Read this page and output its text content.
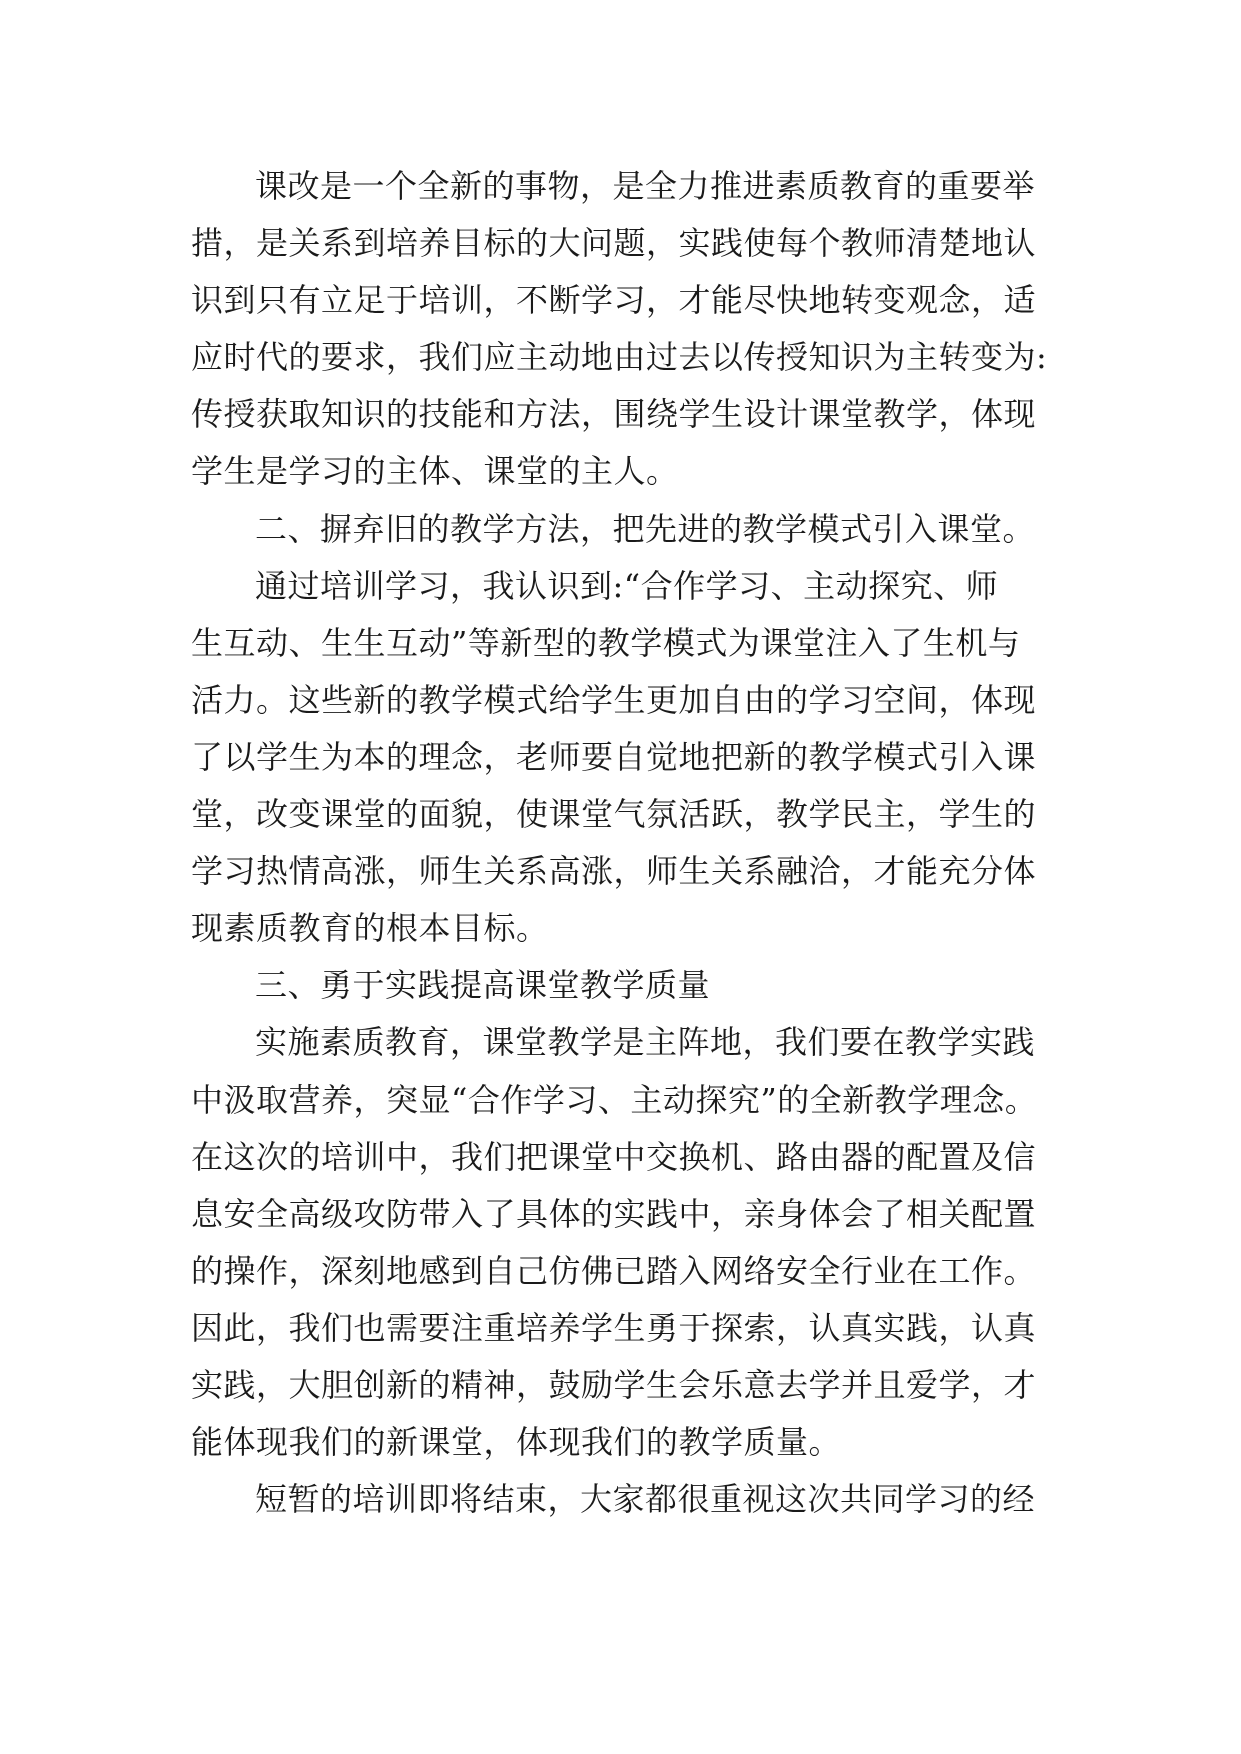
课改是一个全新的事物，是全力推进素质教育的重要举
措，是关系到培养目标的大问题，实践使每个教师清楚地认
识到只有立足于培训，不断学习，才能尽快地转变观念，适
应时代的要求，我们应主动地由过去以传授知识为主转变为:
传授获取知识的技能和方法，围绕学生设计课堂教学，体现
学生是学习的主体、课堂的主人。
二、摒弃旧的教学方法，把先进的教学模式引入课堂。
通过培训学习，我认识到:“合作学习、主动探究、师
生互动、生生互动”等新型的教学模式为课堂注入了生机与
活力。这些新的教学模式给学生更加自由的学习空间，体现
了以学生为本的理念，老师要自觉地把新的教学模式引入课
堂，改变课堂的面貌，使课堂气氛活跃，教学民主，学生的
学习热情高涨，师生关系高涨，师生关系融洽，才能充分体
现素质教育的根本目标。
三、勇于实践提高课堂教学质量
实施素质教育，课堂教学是主阵地，我们要在教学实践
中汲取营养，突显“合作学习、主动探究”的全新教学理念。
在这次的培训中，我们把课堂中交换机、路由器的配置及信
息安全高级攻防带入了具体的实践中，亲身体会了相关配置
的操作，深刻地感到自己仿佛已踏入网络安全行业在工作。
因此，我们也需要注重培养学生勇于探索，认真实践，认真
实践，大胆创新的精神，鼓励学生会乐意去学并且爱学，才
能体现我们的新课堂，体现我们的教学质量。
短暂的培训即将结束，大家都很重视这次共同学习的经
